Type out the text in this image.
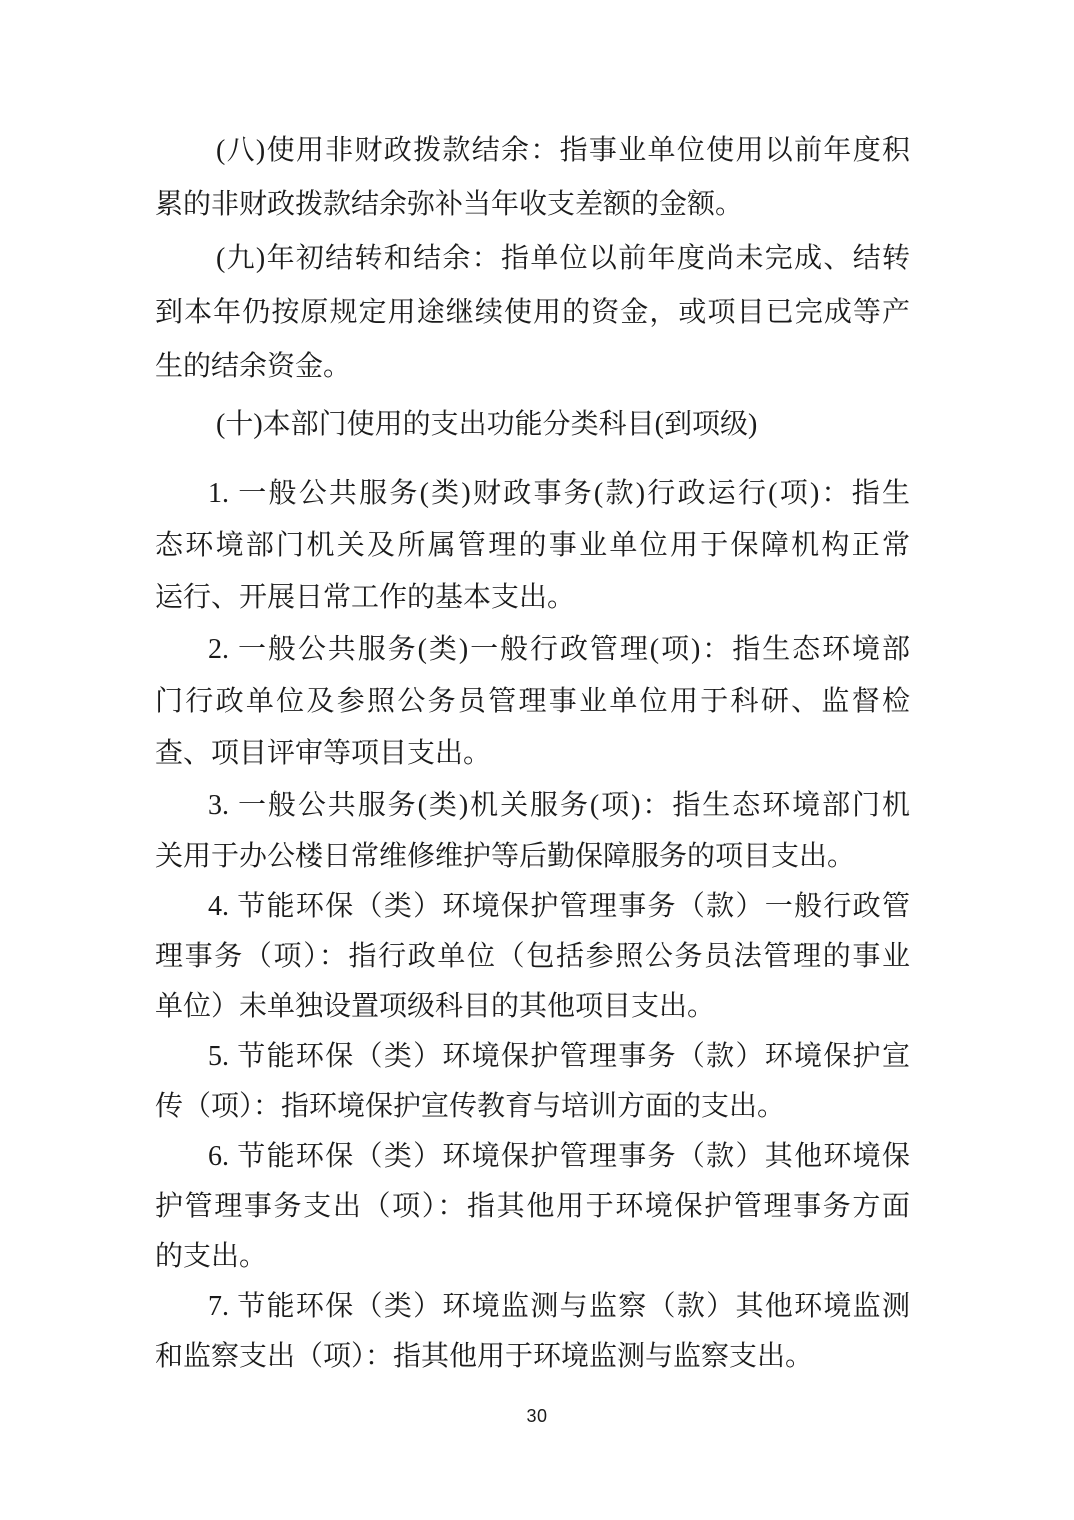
(八)使用非财政拨款结余：指事业单位使用以前年度积
累的非财政拨款结余弥补当年收支差额的金额。
(九)年初结转和结余：指单位以前年度尚未完成、结转
到本年仍按原规定用途继续使用的资金，或项目已完成等产
生的结余资金。
(十)本部门使用的支出功能分类科目(到项级)
1. 一般公共服务(类)财政事务(款)行政运行(项)：指生
态环境部门机关及所属管理的事业单位用于保障机构正常
运行、开展日常工作的基本支出。
2. 一般公共服务(类)一般行政管理(项)：指生态环境部
门行政单位及参照公务员管理事业单位用于科研、监督检
查、项目评审等项目支出。
3. 一般公共服务(类)机关服务(项)：指生态环境部门机
关用于办公楼日常维修维护等后勤保障服务的项目支出。
4. 节能环保（类）环境保护管理事务（款）一般行政管
理事务（项）：指行政单位（包括参照公务员法管理的事业
单位）未单独设置项级科目的其他项目支出。
5. 节能环保（类）环境保护管理事务（款）环境保护宣
传（项）：指环境保护宣传教育与培训方面的支出。
6. 节能环保（类）环境保护管理事务（款）其他环境保
护管理事务支出（项）：指其他用于环境保护管理事务方面
的支出。
7. 节能环保（类）环境监测与监察（款）其他环境监测
和监察支出（项）：指其他用于环境监测与监察支出。
30
